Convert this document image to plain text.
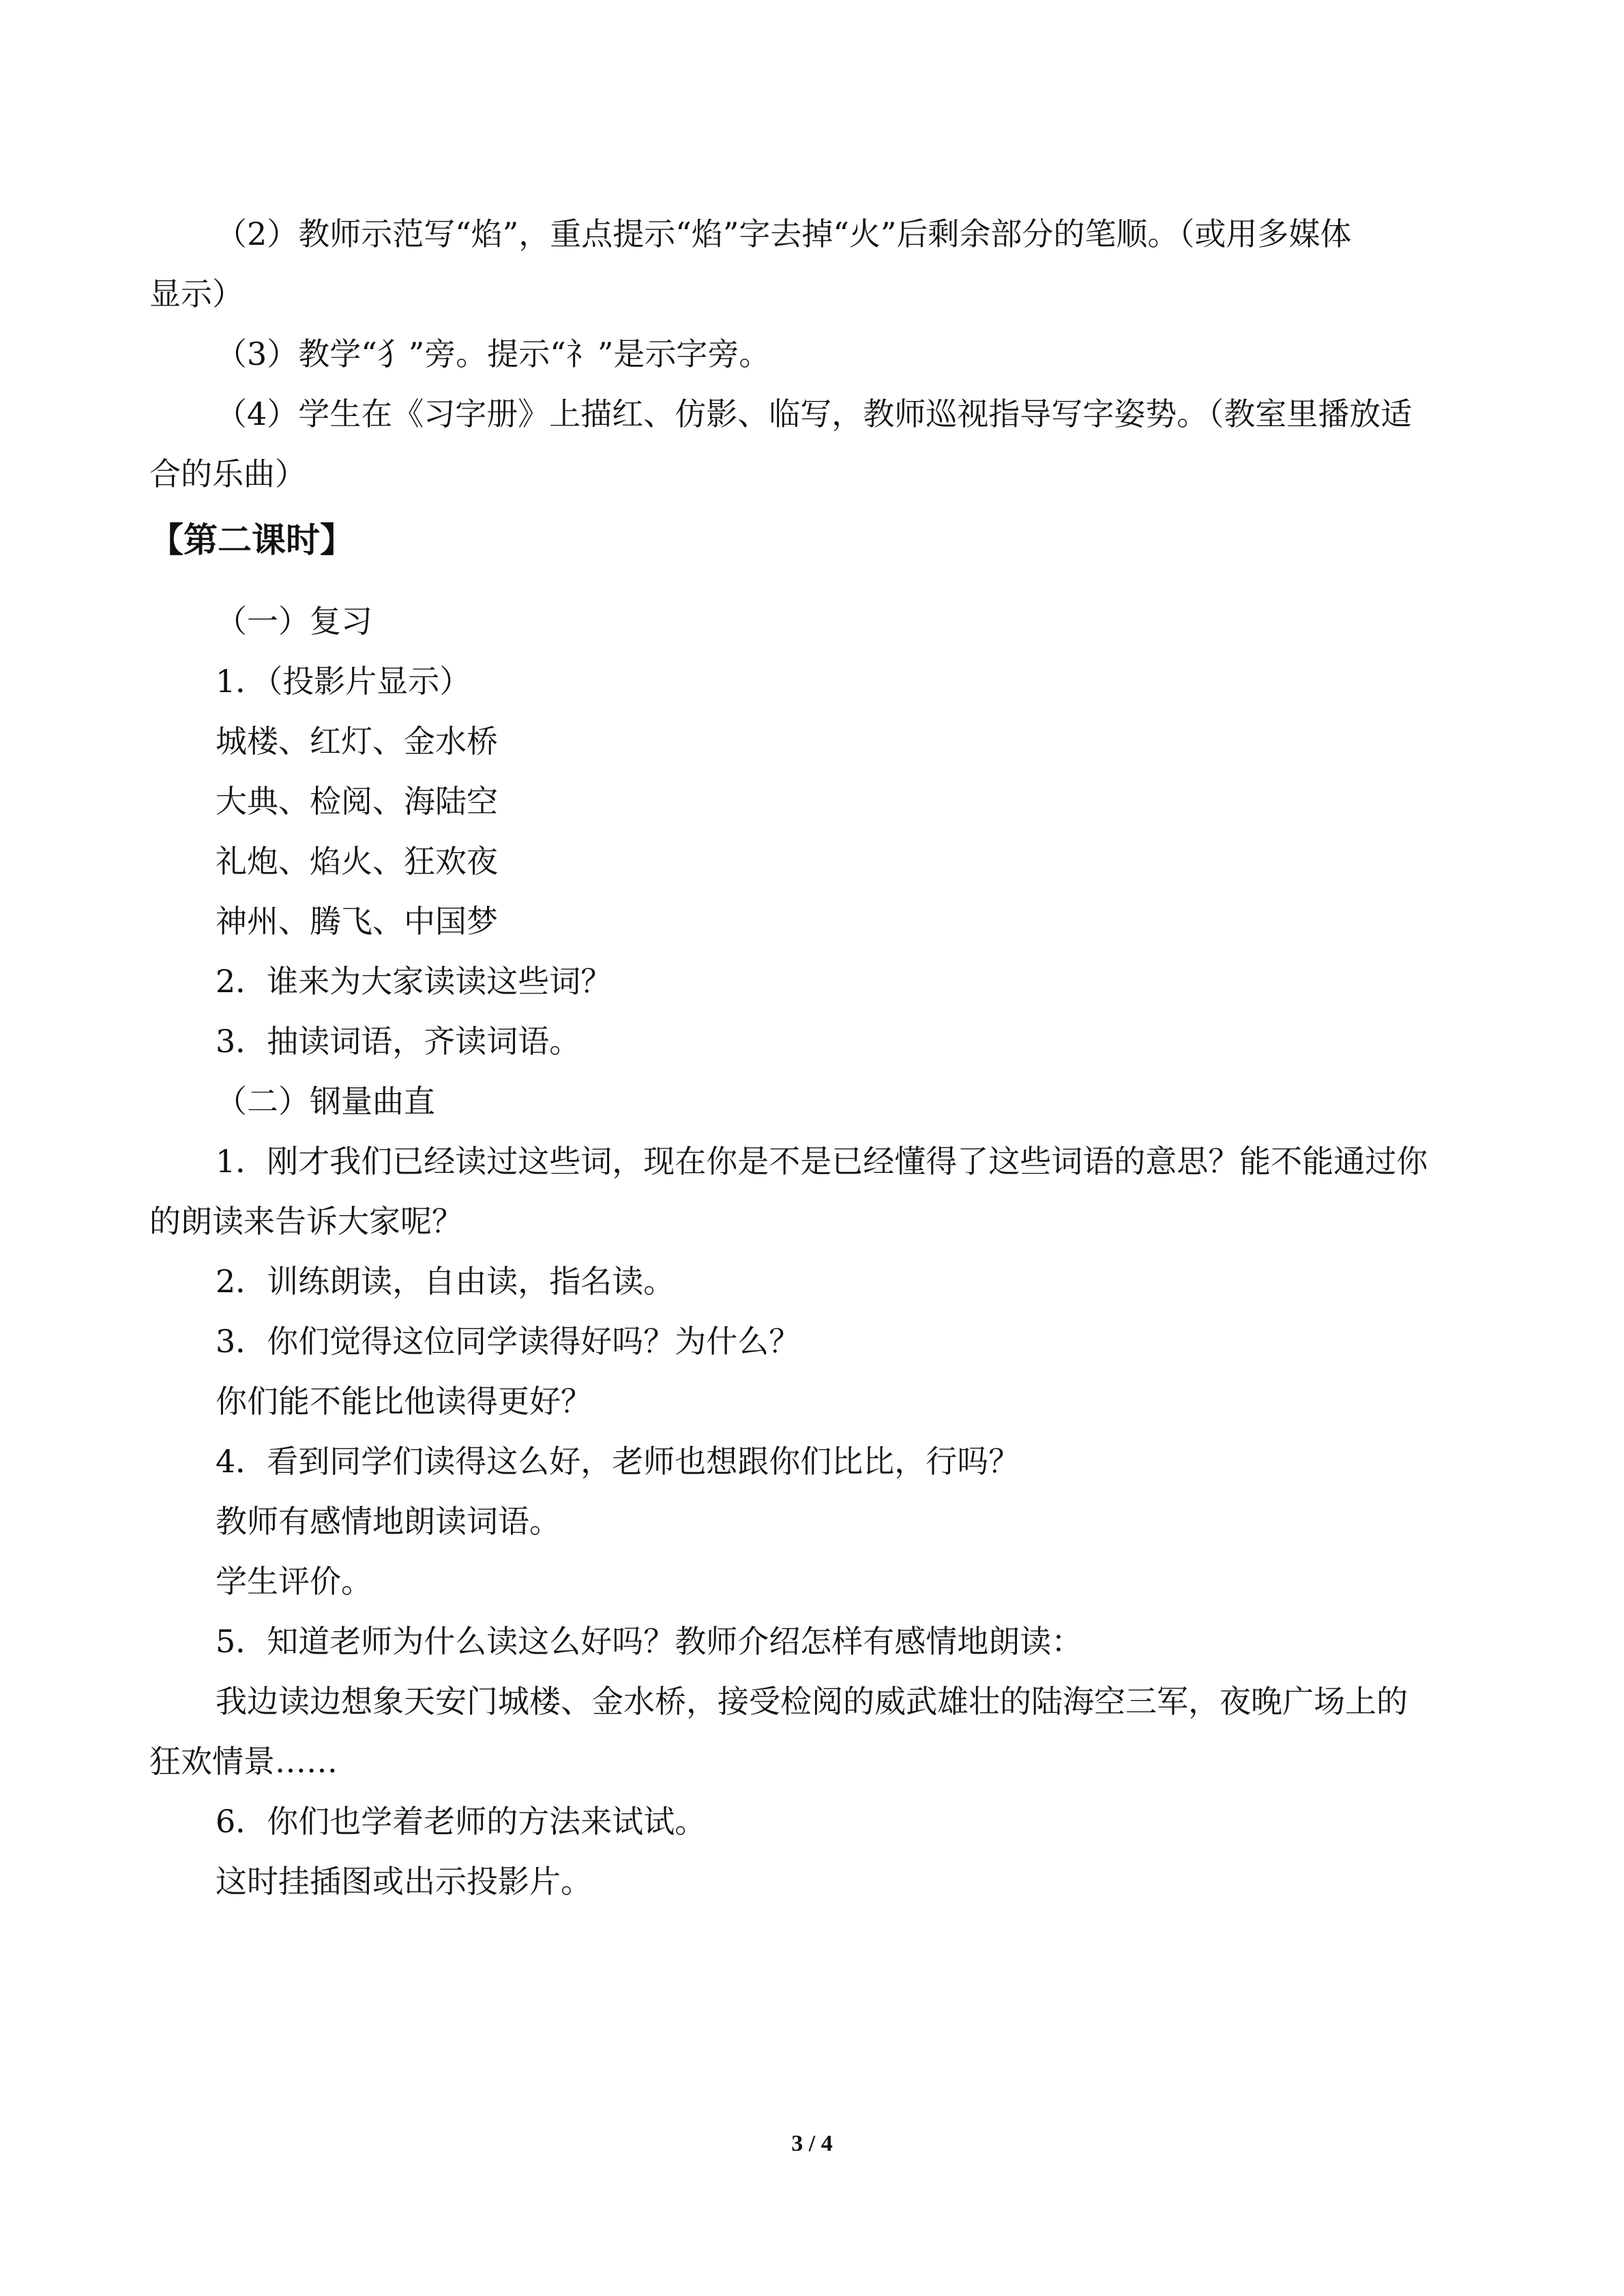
（2）教师示范写“焰”，重点提示“焰”字去掉“火”后剩余部分的笔顺。（或用多媒体
显示）
（3）教学“犭”旁。提示“礻”是示字旁。
（4）学生在《习字册》上描红、仿影、临写，教师巡视指导写字姿势。（教室里播放适
合的乐曲）
【第二课时】
（一）复习
1．（投影片显示）
城楼、红灯、金水桥
大典、检阅、海陆空
礼炮、焰火、狂欢夜
神州、腾飞、中国梦
2．谁来为大家读读这些词？
3．抽读词语，齐读词语。
（二）钢量曲直
1．刚才我们已经读过这些词，现在你是不是已经懂得了这些词语的意思？能不能通过你
的朗读来告诉大家呢？
2．训练朗读，自由读，指名读。
3．你们觉得这位同学读得好吗？为什么？
你们能不能比他读得更好？
4．看到同学们读得这么好，老师也想跟你们比比，行吗？
教师有感情地朗读词语。
学生评价。
5．知道老师为什么读这么好吗？教师介绍怎样有感情地朗读：
我边读边想象天安门城楼、金水桥，接受检阅的威武雄壮的陆海空三军，夜晚广场上的
狂欢情景……
6．你们也学着老师的方法来试试。
这时挂插图或出示投影片。
3 / 4
